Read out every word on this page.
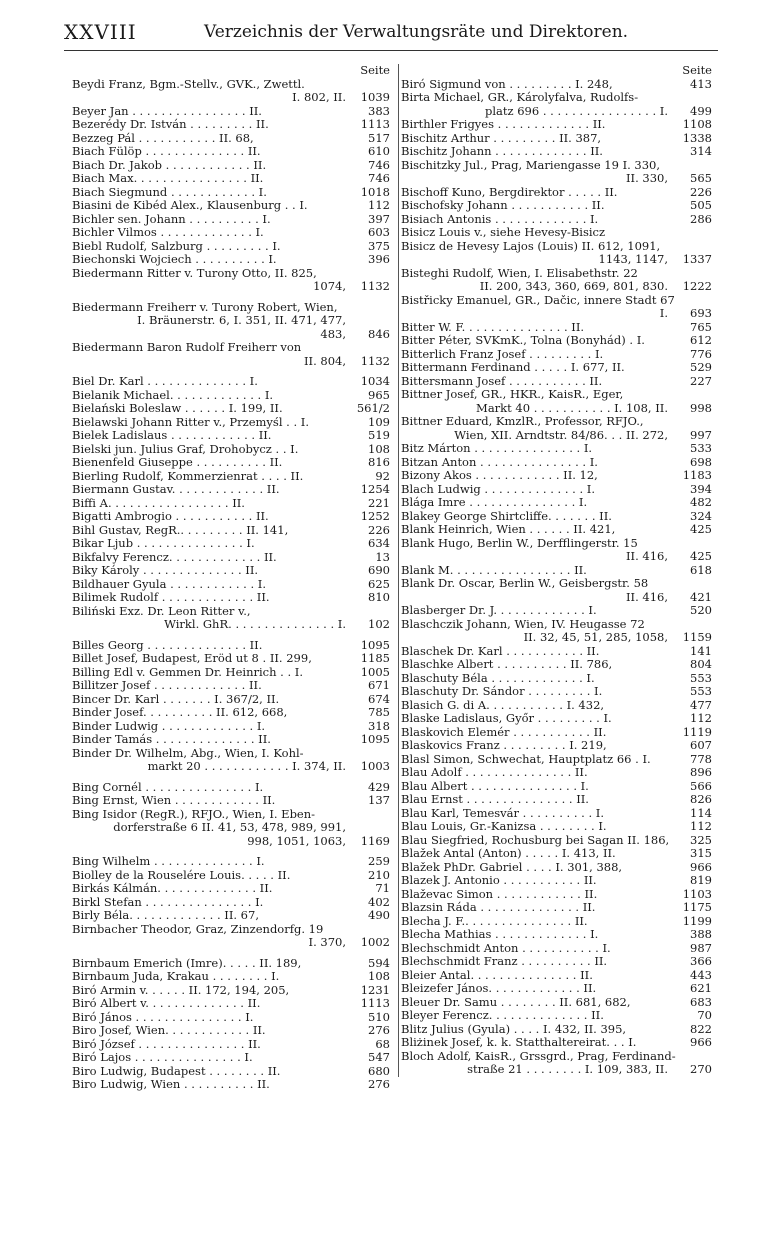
XXVIII	Verzeichnis der Verwaltungsräte und Direktoren.
Seite
Beydi Franz, Bgm.-Stellv., GVK., Zwettl.
I. 802, II.	1039
Beyer Jan . . . . . . . . . . . . . . . . II.	383
Bezerédy Dr. István . . . . . . . . . II.	1113
Bezzeg Pál . . . . . . . . . . . II. 68,	517
Biach Fülöp . . . . . . . . . . . . . . II.	610
Biach Dr. Jakob . . . . . . . . . . . . II.	746
Biach Max. . . . . . . . . . . . . . . . II.	746
Biach Siegmund . . . . . . . . . . . . I.	1018
Biasini de Kibéd Alex., Klausenburg . . I.	112
Bichler sen. Johann . . . . . . . . . . I.	397
Bichler Vilmos . . . . . . . . . . . . . I.	603
Biebl Rudolf, Salzburg . . . . . . . . . I.	375
Biechonski Wojciech . . . . . . . . . . I.	396
Biedermann Ritter v. Turony Otto, II. 825,
1074,	1132
Biedermann Freiherr v. Turony Robert, Wien,
I. Bräunerstr. 6, I. 351, II. 471, 477,
483,	846
Biedermann Baron Rudolf Freiherr von
II. 804,	1132
Biel Dr. Karl . . . . . . . . . . . . . . I.	1034
Bielanik Michael. . . . . . . . . . . . . I.	965
Bielański Boleslaw . . . . . . I. 199, II.	561/2
Bielawski Johann Ritter v., Przemyśl . . I.	109
Bielek Ladislaus . . . . . . . . . . . . II.	519
Bielski jun. Julius Graf, Drohobycz . . I.	108
Bienenfeld Giuseppe . . . . . . . . . . II.	816
Bierling Rudolf, Kommerzienrat . . . . II.	92
Biermann Gustav. . . . . . . . . . . . . II.	1254
Biffi A. . . . . . . . . . . . . . . . . II.	221
Bigatti Ambrogio . . . . . . . . . . . II.	1252
Bihl Gustav, RegR.. . . . . . . . . II. 141,	226
Bikar Ljub . . . . . . . . . . . . . . . I.	634
Bikfalvy Ferencz. . . . . . . . . . . . . II.	13
Biky Károly . . . . . . . . . . . . . . II.	690
Bildhauer Gyula . . . . . . . . . . . . I.	625
Bilimek Rudolf . . . . . . . . . . . . . II.	810
Biliński Exz. Dr. Leon Ritter v.,
Wirkl. GhR. . . . . . . . . . . . . . . I.	102
Billes Georg . . . . . . . . . . . . . . II.	1095
Billet Josef, Budapest, Eröd ut 8 . II. 299,	1185
Billing Edl v. Gemmen Dr. Heinrich . . I.	1005
Billitzer Josef . . . . . . . . . . . . . II.	671
Bincer Dr. Karl . . . . . . . I. 367/2, II.	674
Binder Josef. . . . . . . . . . II. 612, 668,	785
Binder Ludwig . . . . . . . . . . . . . I.	318
Binder Tamás . . . . . . . . . . . . . . II.	1095
Binder Dr. Wilhelm, Abg., Wien, I. Kohl-
markt 20 . . . . . . . . . . . . I. 374, II.	1003
Bing Cornél . . . . . . . . . . . . . . . I.	429
Bing Ernst, Wien . . . . . . . . . . . . II.	137
Bing Isidor (RegR.), RFJO., Wien, I. Eben-
dorferstraße 6 II. 41, 53, 478, 989, 991,
998, 1051, 1063,	1169
Bing Wilhelm . . . . . . . . . . . . . . I.	259
Biolley de la Rouselére Louis. . . . . II.	210
Birkás Kálmán. . . . . . . . . . . . . . II.	71
Birkl Stefan . . . . . . . . . . . . . . . I.	402
Birly Béla. . . . . . . . . . . . . II. 67,	490
Birnbacher Theodor, Graz, Zinzendorfg. 19
I. 370,	1002
Birnbaum Emerich (Imre). . . . . II. 189,	594
Birnbaum Juda, Krakau . . . . . . . . I.	108
Biró Armin v. . . . . . II. 172, 194, 205,	1231
Biró Albert v. . . . . . . . . . . . . . II.	1113
Biró János . . . . . . . . . . . . . . . I.	510
Biro Josef, Wien. . . . . . . . . . . . II.	276
Biró József . . . . . . . . . . . . . . . II.	68
Biró Lajos . . . . . . . . . . . . . . . I.	547
Biro Ludwig, Budapest . . . . . . . . II.	680
Biro Ludwig, Wien . . . . . . . . . . II.	276
Seite
Biró Sigmund von . . . . . . . . . I. 248,	413
Birta Michael, GR., Károlyfalva, Rudolfs-
platz 696 . . . . . . . . . . . . . . . . I.	499
Birthler Frigyes . . . . . . . . . . . . . II.	1108
Bischitz Arthur . . . . . . . . . II. 387,	1338
Bischitz Johann . . . . . . . . . . . . . II.	314
Bischitzky Jul., Prag, Mariengasse 19 I. 330,
II. 330,	565
Bischoff Kuno, Bergdirektor . . . . . II.	226
Bischofsky Johann . . . . . . . . . . . II.	505
Bisiach Antonis . . . . . . . . . . . . . I.	286
Bisicz Louis v., siehe Hevesy-Bisicz
Bisicz de Hevesy Lajos (Louis) II. 612, 1091,
1143, 1147,	1337
Bisteghi Rudolf, Wien, I. Elisabethstr. 22
II. 200, 343, 360, 669, 801, 830.	1222
Bistřicky Emanuel, GR., Dačic, innere Stadt 67
I.	693
Bitter W. F. . . . . . . . . . . . . . . II.	765
Bitter Péter, SVKmK., Tolna (Bonyhád) . I.	612
Bitterlich Franz Josef . . . . . . . . . I.	776
Bittermann Ferdinand . . . . . I. 677, II.	529
Bittersmann Josef . . . . . . . . . . . II.	227
Bittner Josef, GR., HKR., KaisR., Eger,
Markt 40 . . . . . . . . . . . I. 108, II.	998
Bittner Eduard, KmzlR., Professor, RFJO.,
Wien, XII. Arndtstr. 84/86. . . II. 272,	997
Bitz Márton . . . . . . . . . . . . . . . I.	533
Bitzan Anton . . . . . . . . . . . . . . . I.	698
Bizony Akos . . . . . . . . . . . . II. 12,	1183
Blach Ludwig . . . . . . . . . . . . . . I.	394
Blága Imre . . . . . . . . . . . . . . . I.	482
Blakey George Shirtcliffe. . . . . . . II.	324
Blank Heinrich, Wien . . . . . . II. 421,	425
Blank Hugo, Berlin W., Derfflingerstr. 15
II. 416,	425
Blank M. . . . . . . . . . . . . . . . . II.	618
Blank Dr. Oscar, Berlin W., Geisbergstr. 58
II. 416,	421
Blasberger Dr. J. . . . . . . . . . . . . I.	520
Blaschczik Johann, Wien, IV. Heugasse 72
II. 32, 45, 51, 285, 1058,	1159
Blaschek Dr. Karl . . . . . . . . . . . II.	141
Blaschke Albert . . . . . . . . . . II. 786,	804
Blaschuty Béla . . . . . . . . . . . . . I.	553
Blaschuty Dr. Sándor . . . . . . . . . I.	553
Blasich G. di A. . . . . . . . . . . I. 432,	477
Blaske Ladislaus, Győr . . . . . . . . . I.	112
Blaskovich Elemér . . . . . . . . . . . II.	1119
Blaskovics Franz . . . . . . . . . I. 219,	607
Blasl Simon, Schwechat, Hauptplatz 66 . I.	778
Blau Adolf . . . . . . . . . . . . . . . II.	896
Blau Albert . . . . . . . . . . . . . . . I.	566
Blau Ernst . . . . . . . . . . . . . . . II.	826
Blau Karl, Temesvár . . . . . . . . . . I.	114
Blau Louis, Gr.-Kanizsa . . . . . . . . I.	112
Blau Siegfried, Rochusburg bei Sagan II. 186,	325
Blažek Antal (Anton) . . . . . I. 413, II.	315
Blažek PhDr. Gabriel . . . . I. 301, 388,	966
Blazek J. Antonio . . . . . . . . . . . II.	819
Blaževac Simon . . . . . . . . . . . . II.	1103
Blazsin Ráda . . . . . . . . . . . . . . II.	1175
Blecha J. F.. . . . . . . . . . . . . . . II.	1199
Blecha Mathias . . . . . . . . . . . . . I.	388
Blechschmidt Anton . . . . . . . . . . . I.	987
Blechschmidt Franz . . . . . . . . . . II.	366
Bleier Antal. . . . . . . . . . . . . . . II.	443
Bleizefer János. . . . . . . . . . . . . II.	621
Bleuer Dr. Samu . . . . . . . . II. 681, 682,	683
Bleyer Ferencz. . . . . . . . . . . . . . II.	70
Blitz Julius (Gyula) . . . . I. 432, II. 395,	822
Bliżinek Josef, k. k. Statthaltereirat. . . I.	966
Bloch Adolf, KaisR., Grssgrd., Prag, Ferdinand-
straße 21 . . . . . . . . I. 109, 383, II.	270
